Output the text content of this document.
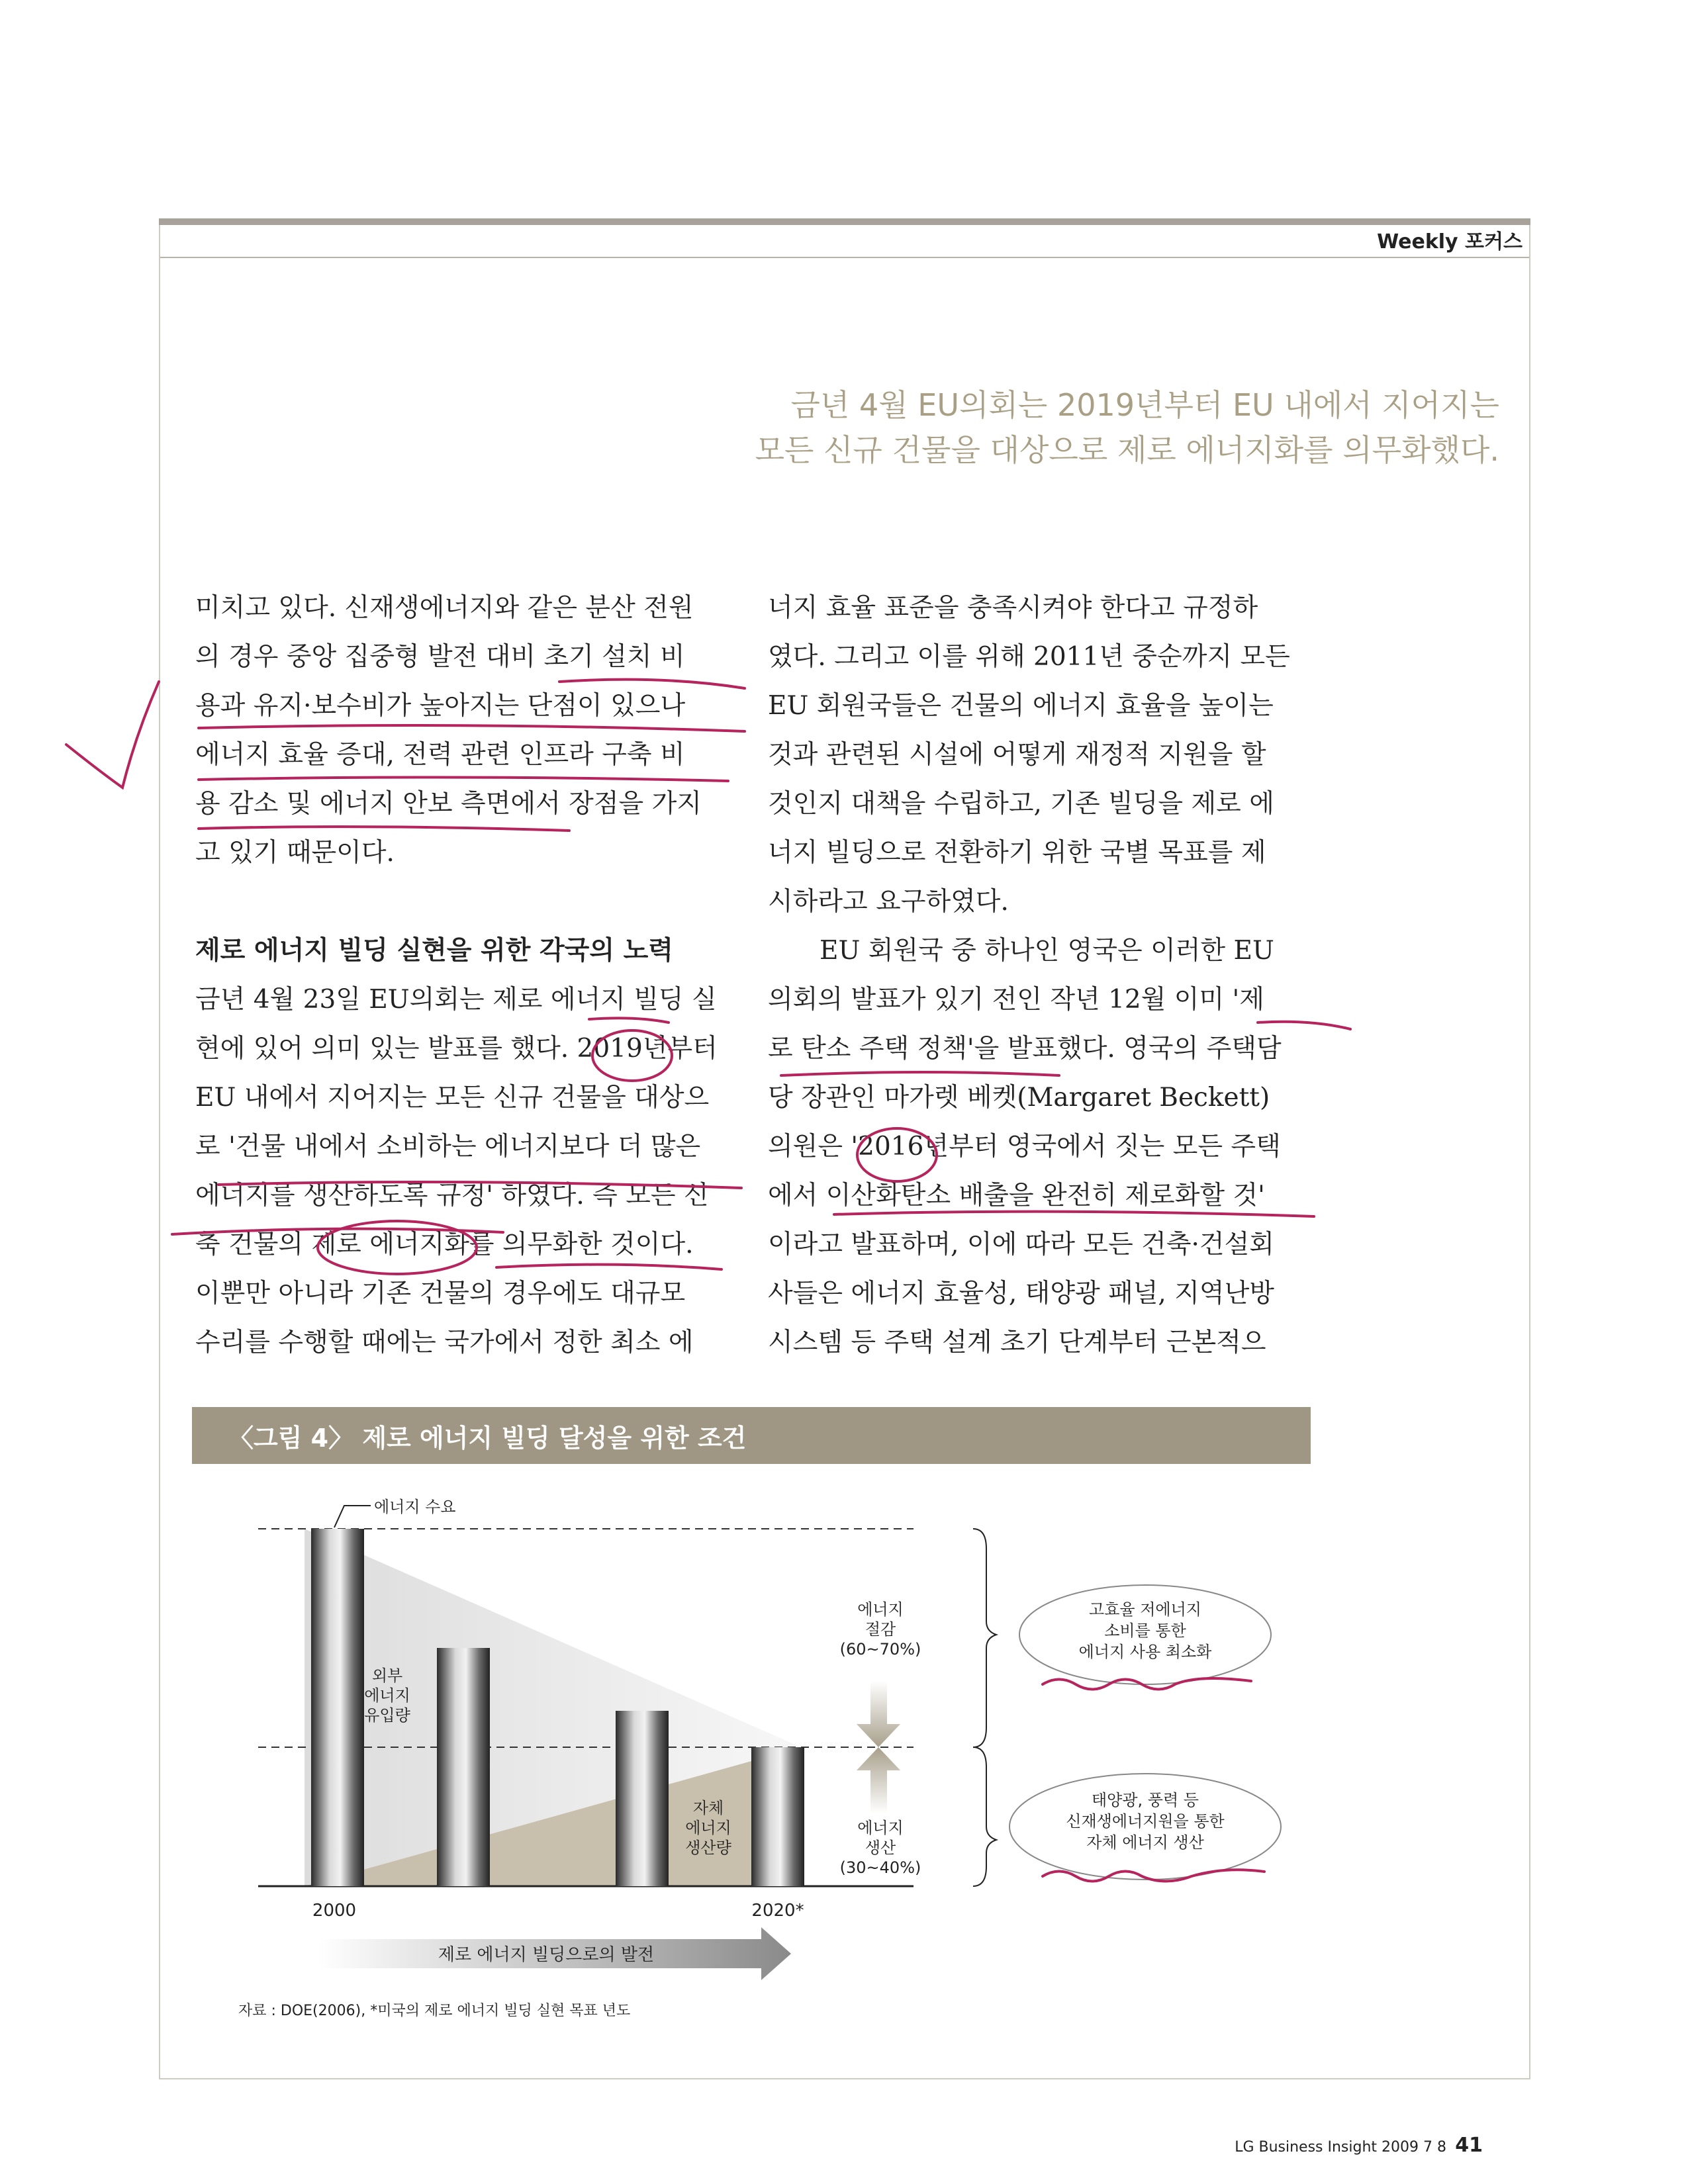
Weekly 포커스
금년 4월 EU의회는 2019년부터 EU 내에서 지어지는
모든 신규 건물을 대상으로 제로 에너지화를 의무화했다.

미치고 있다. 신재생에너지와 같은 분산 전원

의 경우 중앙 집중형 발전 대비 초기 설치 비

용과 유지·보수비가 높아지는 단점이 있으나

에너지 효율 증대, 전력 관련 인프라 구축 비

용 감소 및 에너지 안보 측면에서 장점을 가지

고 있기 때문이다.

제로 에너지 빌딩 실현을 위한 각국의 노력

금년 4월 23일 EU의회는 제로 에너지 빌딩 실

현에 있어 의미 있는 발표를 했다. 2019년부터

EU 내에서 지어지는 모든 신규 건물을 대상으

로 '건물 내에서 소비하는 에너지보다 더 많은

에너지를 생산하도록 규정' 하였다. 즉 모든 신

축 건물의 제로 에너지화를 의무화한 것이다.

이뿐만 아니라 기존 건물의 경우에도 대규모

수리를 수행할 때에는 국가에서 정한 최소 에

너지 효율 표준을 충족시켜야 한다고 규정하

였다. 그리고 이를 위해 2011년 중순까지 모든

EU 회원국들은 건물의 에너지 효율을 높이는

것과 관련된 시설에 어떻게 재정적 지원을 할

것인지 대책을 수립하고, 기존 빌딩을 제로 에

너지 빌딩으로 전환하기 위한 국별 목표를 제

시하라고 요구하였다.

EU 회원국 중 하나인 영국은 이러한 EU

의회의 발표가 있기 전인 작년 12월 이미 '제

로 탄소 주택 정책'을 발표했다. 영국의 주택담

당 장관인 마가렛 베켓(Margaret Beckett)

의원은 '2016년부터 영국에서 짓는 모든 주택

에서 이산화탄소 배출을 완전히 제로화할 것'

이라고 발표하며, 이에 따라 모든 건축·건설회

사들은 에너지 효율성, 태양광 패널, 지역난방

시스템 등 주택 설계 초기 단계부터 근본적으

〈그림 4〉 제로 에너지 빌딩 달성을 위한 조건
에너지 수요
외부
에너지
유입량
자체
에너지
생산량
에너지
절감
(60~70%)
에너지
생산
(30~40%)
고효율 저에너지
소비를 통한
에너지 사용 최소화
태양광, 풍력 등
신재생에너지원을 통한
자체 에너지 생산
2000	2020*
제로 에너지 빌딩으로의 발전
자료 : DOE(2006), *미국의 제로 에너지 빌딩 실현 목표 년도
LG Business Insight 2009 7 8 41
